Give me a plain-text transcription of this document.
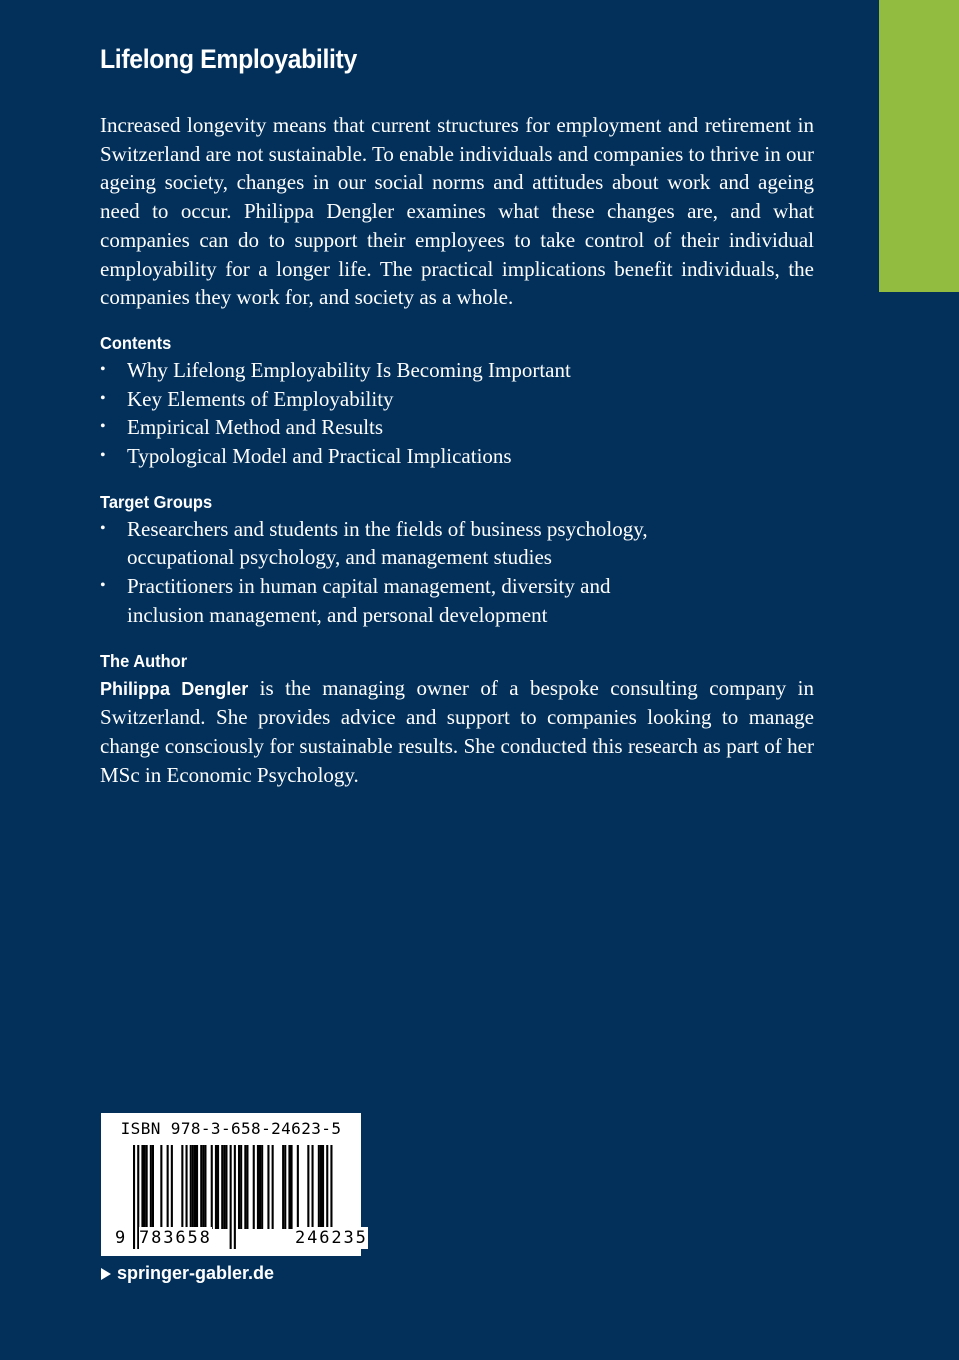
Lifelong Employability

Increased longevity means that current structures for employment and retirement in Switzerland are not sustainable. To enable individuals and companies to thrive in our ageing society, changes in our social norms and attitudes about work and ageing need to occur. Philippa Dengler examines what these changes are, and what companies can do to support their employees to take control of their individual employability for a longer life. The practical implications benefit individuals, the companies they work for, and society as a whole.

Contents
• Why Lifelong Employability Is Becoming Important
• Key Elements of Employability
• Empirical Method and Results
• Typological Model and Practical Implications
Target Groups
• Researchers and students in the fields of business psychology, occupational psychology, and management studies
• Practitioners in human capital management, diversity and inclusion management, and personal development
The Author

Philippa Dengler is the managing owner of a bespoke consulting company in Switzerland. She provides advice and support to companies looking to manage change consciously for sustainable results. She conducted this research as part of her MSc in Economic Psychology.

ISBN 978-3-658-24623-5
9 783658	246235
springer-gabler.de
